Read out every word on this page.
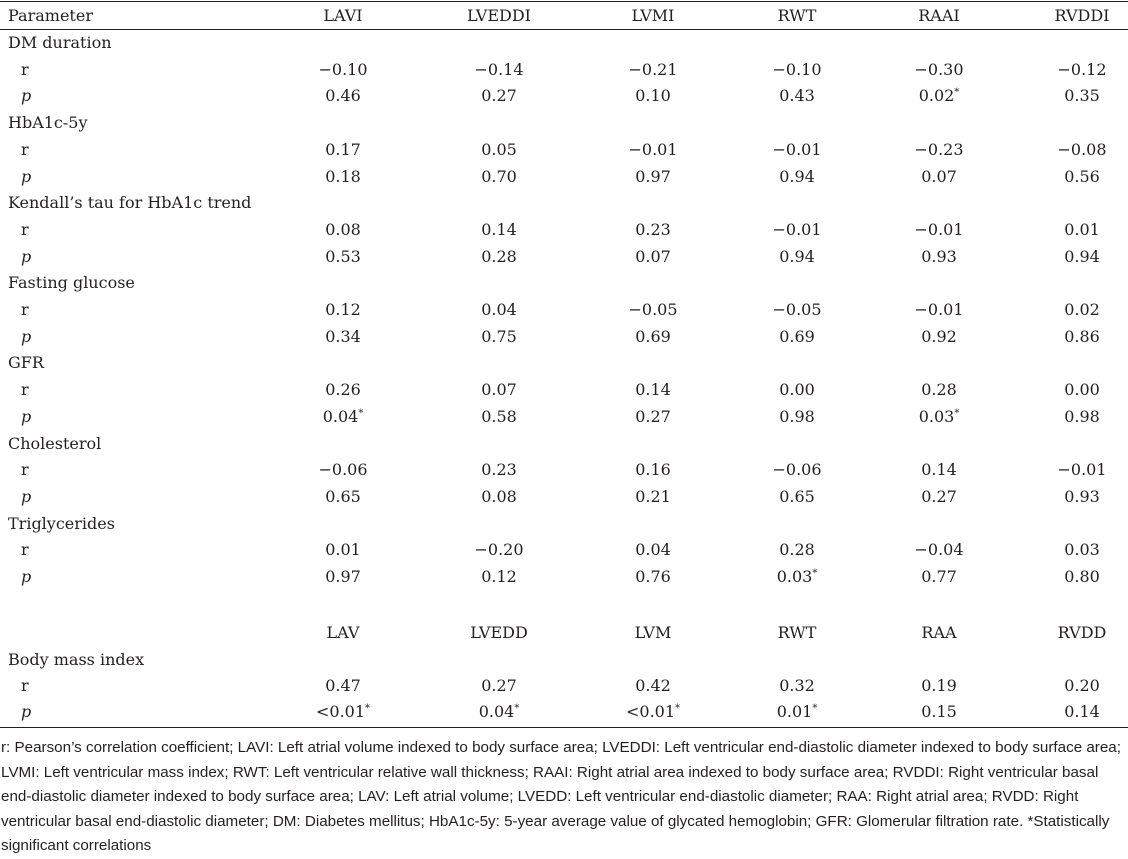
Parameter	LAVI	LVEDDI	LVMI	RWT	RAAI	RVDDI
DM duration
r	−0.10	−0.14	−0.21	−0.10	−0.30	−0.12
p	0.46	0.27	0.10	0.43	0.02*	0.35
HbA1c-5y
r	0.17	0.05	−0.01	−0.01	−0.23	−0.08
p	0.18	0.70	0.97	0.94	0.07	0.56
Kendall’s tau for HbA1c trend
r	0.08	0.14	0.23	−0.01	−0.01	0.01
p	0.53	0.28	0.07	0.94	0.93	0.94
Fasting glucose
r	0.12	0.04	−0.05	−0.05	−0.01	0.02
p	0.34	0.75	0.69	0.69	0.92	0.86
GFR
r	0.26	0.07	0.14	0.00	0.28	0.00
p	0.04*	0.58	0.27	0.98	0.03*	0.98
Cholesterol
r	−0.06	0.23	0.16	−0.06	0.14	−0.01
p	0.65	0.08	0.21	0.65	0.27	0.93
Triglycerides
r	0.01	−0.20	0.04	0.28	−0.04	0.03
p	0.97	0.12	0.76	0.03*	0.77	0.80
LAV	LVEDD	LVM	RWT	RAA	RVDD
Body mass index
r	0.47	0.27	0.42	0.32	0.19	0.20
p	<0.01*	0.04*	<0.01*	0.01*	0.15	0.14

r: Pearson’s correlation coefficient; LAVI: Left atrial volume indexed to body surface area; LVEDDI: Left ventricular end-diastolic diameter indexed to body surface area; LVMI: Left ventricular mass index; RWT: Left ventricular relative wall thickness; RAAI: Right atrial area indexed to body surface area; RVDDI: Right ventricular basal end-diastolic diameter indexed to body surface area; LAV: Left atrial volume; LVEDD: Left ventricular end-diastolic diameter; RAA: Right atrial area; RVDD: Right ventricular basal end-diastolic diameter; DM: Diabetes mellitus; HbA1c-5y: 5-year average value of glycated hemoglobin; GFR: Glomerular filtration rate. *Statistically significant correlations
